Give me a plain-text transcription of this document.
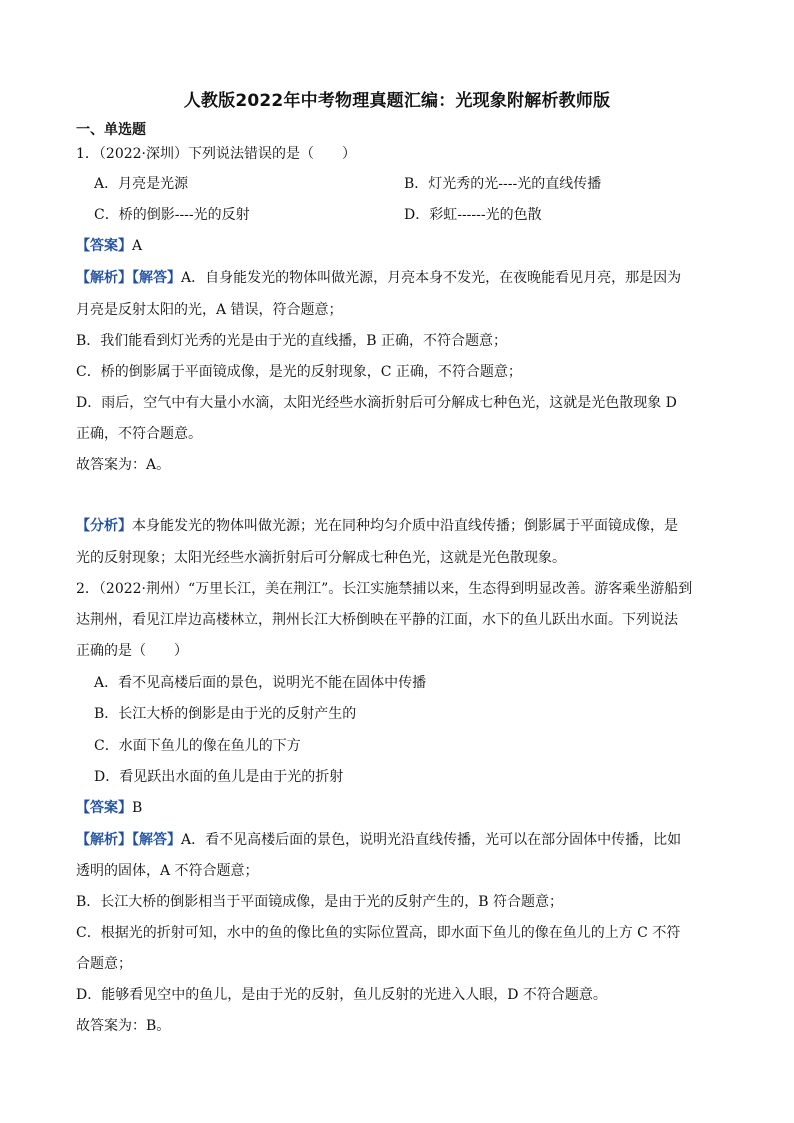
人教版2022年中考物理真题汇编：光现象附解析教师版
一、单选题
1．（2022·深圳）下列说法错误的是（　　）
A．月亮是光源	B．灯光秀的光----光的直线传播
C．桥的倒影----光的反射	D．彩虹------光的色散
【答案】A
【解析】【解答】A．自身能发光的物体叫做光源，月亮本身不发光，在夜晚能看见月亮，那是因为
月亮是反射太阳的光，A 错误，符合题意；
B．我们能看到灯光秀的光是由于光的直线播，B 正确，不符合题意；
C．桥的倒影属于平面镜成像，是光的反射现象，C 正确，不符合题意；
D．雨后，空气中有大量小水滴，太阳光经些水滴折射后可分解成七种色光，这就是光色散现象 D
正确，不符合题意。
故答案为：A。
【分析】本身能发光的物体叫做光源；光在同种均匀介质中沿直线传播；倒影属于平面镜成像，是
光的反射现象；太阳光经些水滴折射后可分解成七种色光，这就是光色散现象。
2．（2022·荆州）“万里长江，美在荆江”。长江实施禁捕以来，生态得到明显改善。游客乘坐游船到
达荆州，看见江岸边高楼林立，荆州长江大桥倒映在平静的江面，水下的鱼儿跃出水面。下列说法
正确的是（　　）
A．看不见高楼后面的景色，说明光不能在固体中传播
B．长江大桥的倒影是由于光的反射产生的
C．水面下鱼儿的像在鱼儿的下方
D．看见跃出水面的鱼儿是由于光的折射
【答案】B
【解析】【解答】A．看不见高楼后面的景色，说明光沿直线传播，光可以在部分固体中传播，比如
透明的固体，A 不符合题意；
B．长江大桥的倒影相当于平面镜成像，是由于光的反射产生的，B 符合题意；
C．根据光的折射可知，水中的鱼的像比鱼的实际位置高，即水面下鱼儿的像在鱼儿的上方 C 不符
合题意；
D．能够看见空中的鱼儿，是由于光的反射，鱼儿反射的光进入人眼，D 不符合题意。
故答案为：B。
